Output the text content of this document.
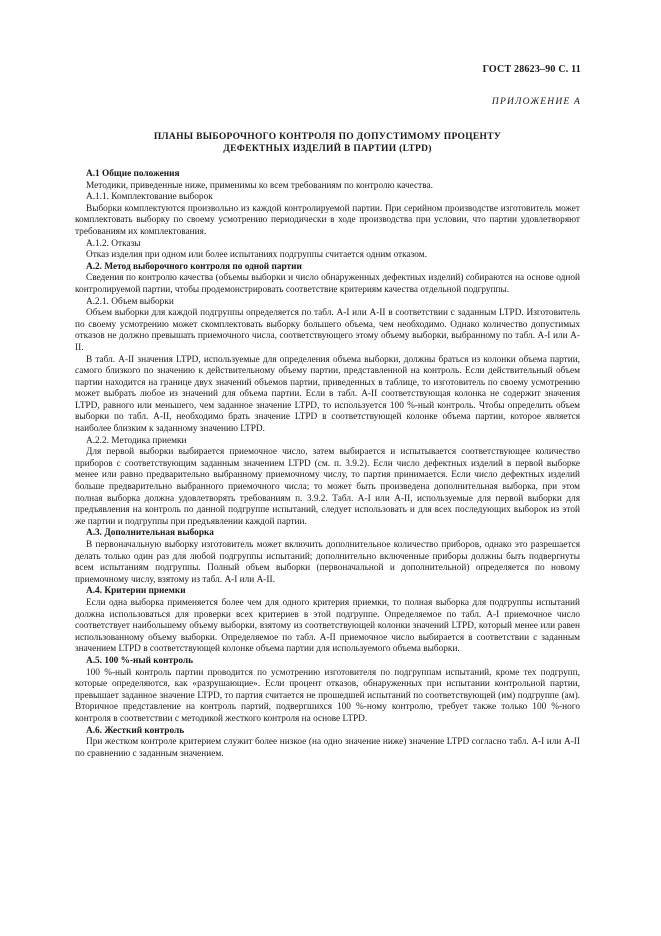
ГОСТ 28623–90 С. 11
ПРИЛОЖЕНИЕ А
ПЛАНЫ ВЫБОРОЧНОГО КОНТРОЛЯ ПО ДОПУСТИМОМУ ПРОЦЕНТУ
ДЕФЕКТНЫХ ИЗДЕЛИЙ В ПАРТИИ (LTPD)

А.1 Общие положения

Методики, приведенные ниже, применимы ко всем требованиям по контролю качества.

А.1.1. Комплектование выборок

Выборки комплектуются произвольно из каждой контролируемой партии. При серийном производстве изготовитель может комплектовать выборку по своему усмотрению периодически в ходе производства при условии, что партии удовлетворяют требованиям их комплектования.

А.1.2. Отказы

Отказ изделия при одном или более испытаниях подгруппы считается одним отказом.

А.2. Метод выборочного контроля по одной партии

Сведения по контролю качества (объемы выборки и число обнаруженных дефектных изделий) собираются на основе одной контролируемой партии, чтобы продемонстрировать соответствие критериям качества отдельной подгруппы.

А.2.1. Объем выборки

Объем выборки для каждой подгруппы определяется по табл. А-I или А-II в соответствии с заданным LTPD. Изготовитель по своему усмотрению может скомплектовать выборку большего объема, чем необходимо. Однако количество допустимых отказов не должно превышать приемочного числа, соответствующего этому объему выборки, выбранному по табл. А-I или А-II.

В табл. А-II значения LTPD, используемые для определения объема выборки, должны браться из колонки объема партии, самого близкого по значению к действительному объему партии, представленной на контроль. Если действительный объем партии находится на границе двух значений объемов партии, приведенных в таблице, то изготовитель по своему усмотрению может выбрать любое из значений для объема партии. Если в табл. А-II соответствующая колонка не содержит значения LTPD, равного или меньшего, чем заданное значение LTPD, то используется 100 %-ный контроль. Чтобы определить объем выборки по табл. А-II, необходимо брать значение LTPD в соответствующей колонке объема партии, которое является наиболее близким к заданному значению LTPD.

А.2.2. Методика приемки

Для первой выборки выбирается приемочное число, затем выбирается и испытывается соответствующее количество приборов с соответствующим заданным значением LTPD (см. п. 3.9.2). Если число дефектных изделий в первой выборке менее или равно предварительно выбранному приемочному числу, то партия принимается. Если число дефектных изделий больше предварительно выбранного приемочного числа; то может быть произведена дополнительная выборка, при этом полная выборка должна удовлетворять требованиям п. 3.9.2. Табл. А-I или А-II, используемые для первой выборки для предъявления на контроль по данной подгруппе испытаний, следует использовать и для всех последующих выборок из этой же партии и подгруппы при предъявлении каждой партии.

А.3. Дополнительная выборка

В первоначальную выборку изготовитель может включить дополнительное количество приборов, однако это разрешается делать только один раз для любой подгруппы испытаний; дополнительно включенные приборы должны быть подвергнуты всем испытаниям подгруппы. Полный объем выборки (первоначальной и дополнительной) определяется по новому приемочному числу, взятому из табл. А-I или А-II.

А.4. Критерии приемки

Если одна выборка применяется более чем для одного критерия приемки, то полная выборка для подгруппы испытаний должна использоваться для проверки всех критериев в этой подгруппе. Определяемое по табл. А-I приемочное число соответствует наибольшему объему выборки, взятому из соответствующей колонки значений LTPD, который менее или равен использованному объему выборки. Определяемое по табл. А-II приемочное число выбирается в соответствии с заданным значением LTPD в соответствующей колонке объема партии для используемого объема выборки.

А.5. 100 %-ный контроль

100 %-ный контроль партии проводится по усмотрению изготовителя по подгруппам испытаний, кроме тех подгрупп, которые определяются, как «разрушающие». Если процент отказов, обнаруженных при испытании контрольной партии, превышает заданное значение LTPD, то партия считается не прошедшей испытаний по соответствующей (им) подгруппе (ам). Вторичное представление на контроль партий, подвергшихся 100 %-ному контролю, требует также только 100 %-ного контроля в соответствии с методикой жесткого контроля на основе LTPD.

А.6. Жесткий контроль

При жестком контроле критерием служит более низкое (на одно значение ниже) значение LTPD согласно табл. А-I или А-II по сравнению с заданным значением.
